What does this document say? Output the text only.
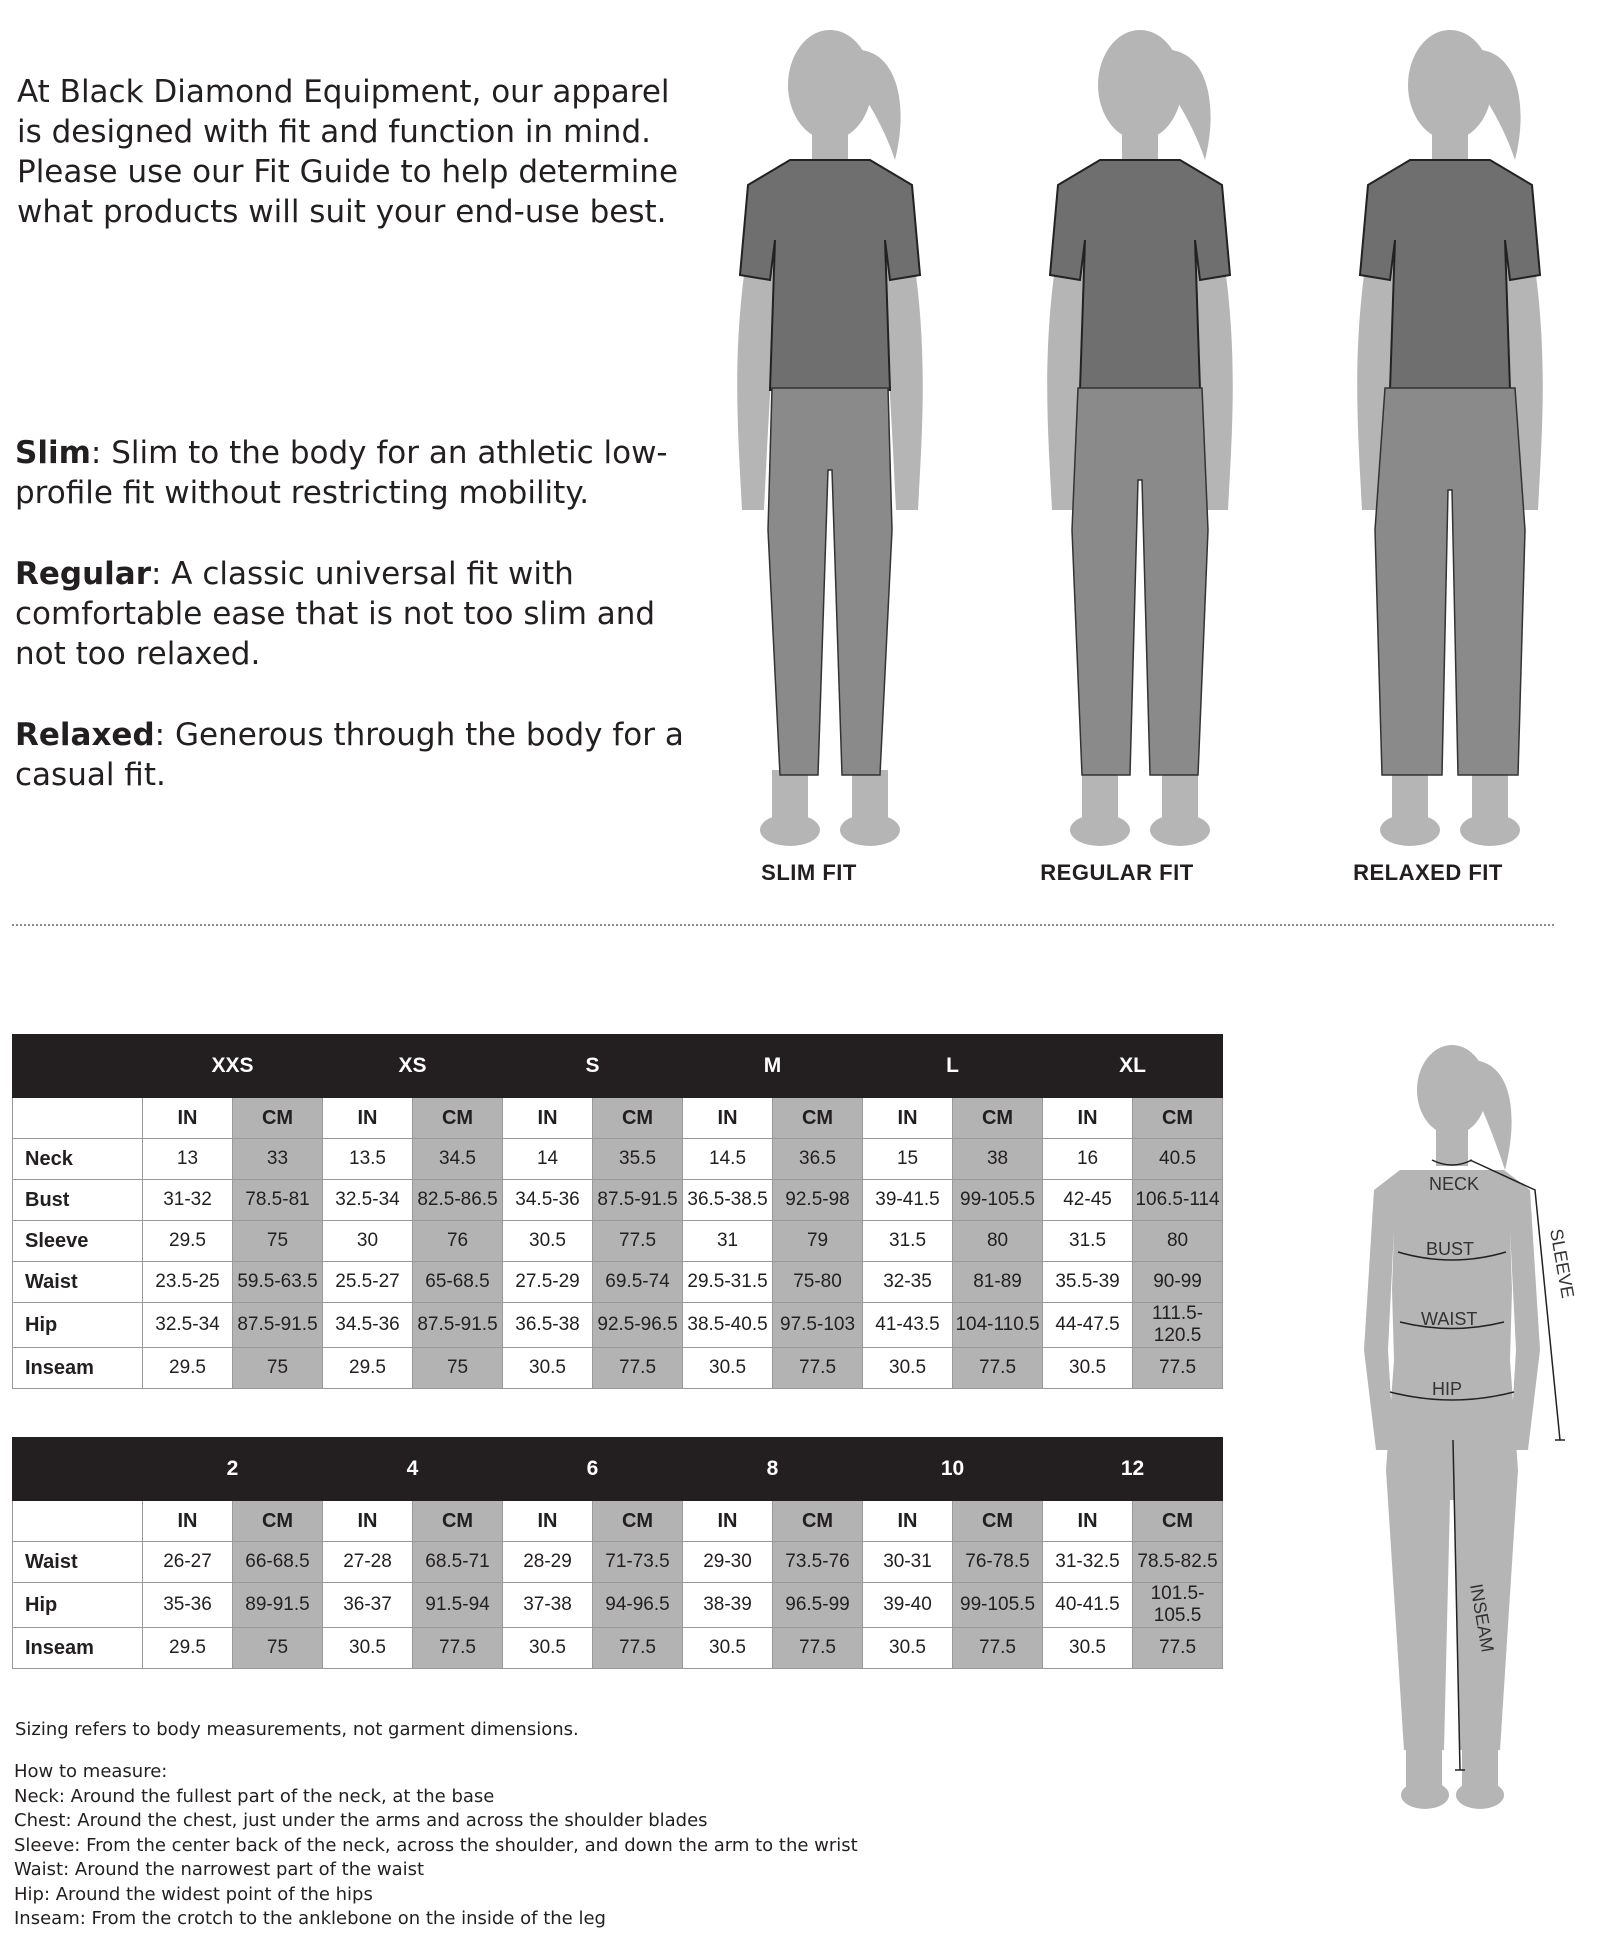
At Black Diamond Equipment, our apparel is designed with fit and function in mind. Please use our Fit Guide to help determine what products will suit your end-use best.
Slim: Slim to the body for an athletic low-profile fit without restricting mobility.
Regular: A classic universal fit with comfortable ease that is not too slim and not too relaxed.
Relaxed: Generous through the body for a casual fit.
SLIM FIT	REGULAR FIT	RELAXED FIT
	XXS		XS		S		M		L		XL	
	IN	CM	IN	CM	IN	CM	IN	CM	IN	CM	IN	CM
Neck	13	33	13.5	34.5	14	35.5	14.5	36.5	15	38	16	40.5
Bust	31-32	78.5-81	32.5-34	82.5-86.5	34.5-36	87.5-91.5	36.5-38.5	92.5-98	39-41.5	99-105.5	42-45	106.5-114
Sleeve	29.5	75	30	76	30.5	77.5	31	79	31.5	80	31.5	80
Waist	23.5-25	59.5-63.5	25.5-27	65-68.5	27.5-29	69.5-74	29.5-31.5	75-80	32-35	81-89	35.5-39	90-99
Hip	32.5-34	87.5-91.5	34.5-36	87.5-91.5	36.5-38	92.5-96.5	38.5-40.5	97.5-103	41-43.5	104-110.5	44-47.5	111.5-120.5
Inseam	29.5	75	29.5	75	30.5	77.5	30.5	77.5	30.5	77.5	30.5	77.5
	2		4		6		8		10		12	
	IN	CM	IN	CM	IN	CM	IN	CM	IN	CM	IN	CM
Waist	26-27	66-68.5	27-28	68.5-71	28-29	71-73.5	29-30	73.5-76	30-31	76-78.5	31-32.5	78.5-82.5
Hip	35-36	89-91.5	36-37	91.5-94	37-38	94-96.5	38-39	96.5-99	39-40	99-105.5	40-41.5	101.5-105.5
Inseam	29.5	75	30.5	77.5	30.5	77.5	30.5	77.5	30.5	77.5	30.5	77.5
NECK
BUST
WAIST
HIP
SLEEVE
INSEAM
Sizing refers to body measurements, not garment dimensions.
How to measure:
Neck: Around the fullest part of the neck, at the base
Chest: Around the chest, just under the arms and across the shoulder blades
Sleeve: From the center back of the neck, across the shoulder, and down the arm to the wrist
Waist: Around the narrowest part of the waist
Hip: Around the widest point of the hips
Inseam: From the crotch to the anklebone on the inside of the leg
